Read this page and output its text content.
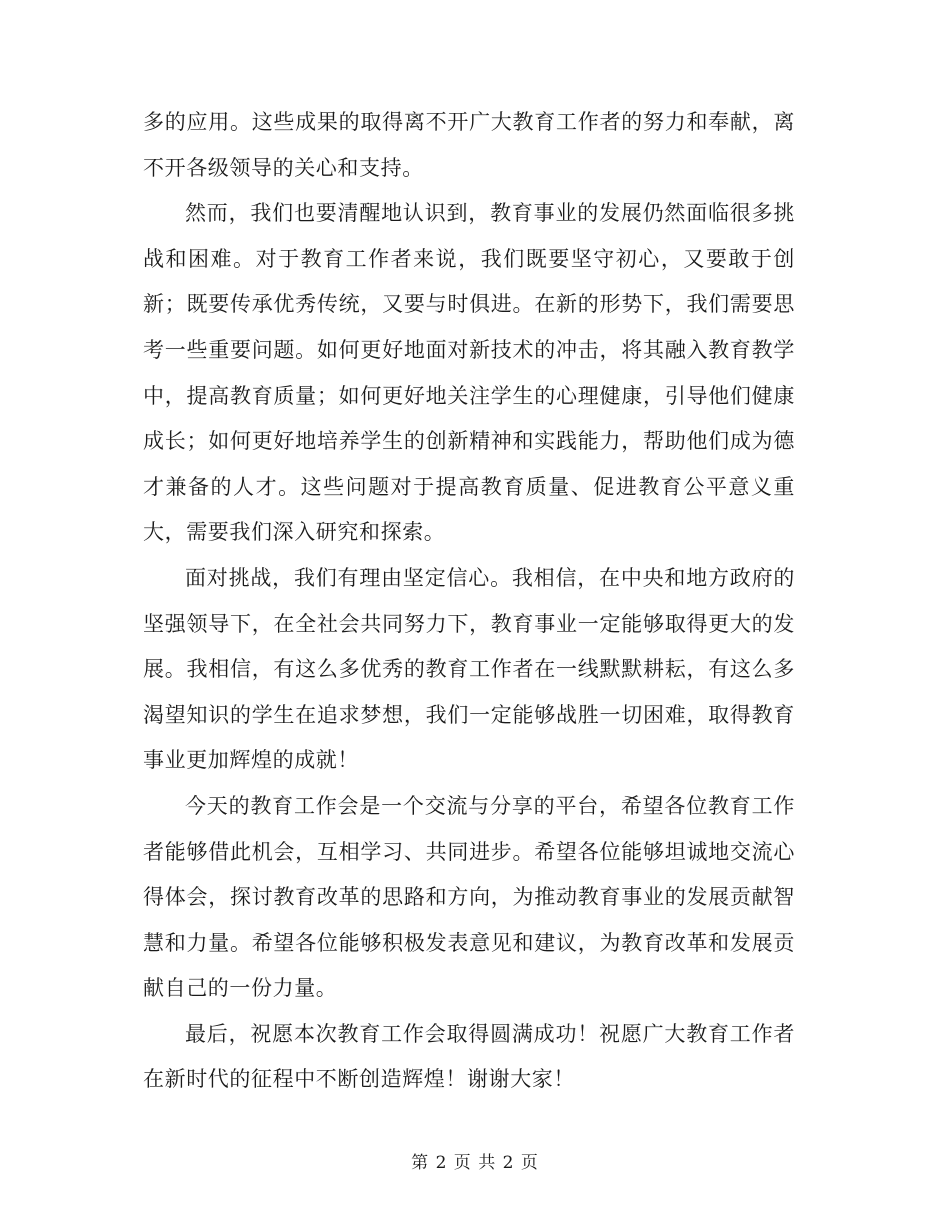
多的应用。这些成果的取得离不开广大教育工作者的努力和奉献，离不开各级领导的关心和支持。

然而，我们也要清醒地认识到，教育事业的发展仍然面临很多挑战和困难。对于教育工作者来说，我们既要坚守初心，又要敢于创新；既要传承优秀传统，又要与时俱进。在新的形势下，我们需要思考一些重要问题。如何更好地面对新技术的冲击，将其融入教育教学中，提高教育质量；如何更好地关注学生的心理健康，引导他们健康成长；如何更好地培养学生的创新精神和实践能力，帮助他们成为德才兼备的人才。这些问题对于提高教育质量、促进教育公平意义重大，需要我们深入研究和探索。

面对挑战，我们有理由坚定信心。我相信，在中央和地方政府的坚强领导下，在全社会共同努力下，教育事业一定能够取得更大的发展。我相信，有这么多优秀的教育工作者在一线默默耕耘，有这么多渴望知识的学生在追求梦想，我们一定能够战胜一切困难，取得教育事业更加辉煌的成就！

今天的教育工作会是一个交流与分享的平台，希望各位教育工作者能够借此机会，互相学习、共同进步。希望各位能够坦诚地交流心得体会，探讨教育改革的思路和方向，为推动教育事业的发展贡献智慧和力量。希望各位能够积极发表意见和建议，为教育改革和发展贡献自己的一份力量。

最后，祝愿本次教育工作会取得圆满成功！祝愿广大教育工作者在新时代的征程中不断创造辉煌！谢谢大家！

第 2 页 共 2 页
